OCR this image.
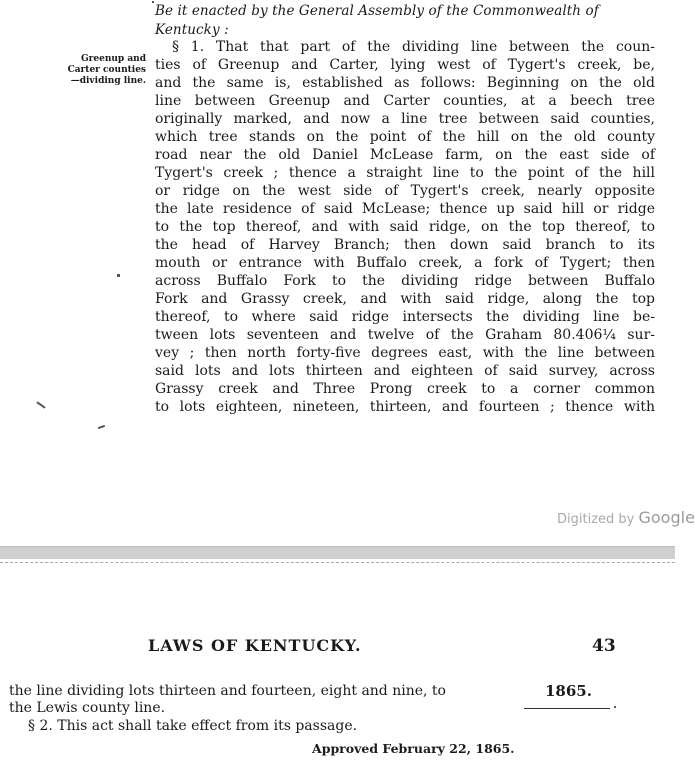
Be it enacted by the General Assembly of the Commonwealth of Kentucky :
Greenup and
Carter counties
—dividing line.
§ 1. That that part of the dividing line between the coun-
ties of Greenup and Carter, lying west of Tygert's creek, be,
and the same is, established as follows: Beginning on the old
line between Greenup and Carter counties, at a beech tree
originally marked, and now a line tree between said counties,
which tree stands on the point of the hill on the old county
road near the old Daniel McLease farm, on the east side of
Tygert's creek ; thence a straight line to the point of the hill
or ridge on the west side of Tygert's creek, nearly opposite
the late residence of said McLease; thence up said hill or ridge
to the top thereof, and with said ridge, on the top thereof, to
the head of Harvey Branch; then down said branch to its
mouth or entrance with Buffalo creek, a fork of Tygert; then
across Buffalo Fork to the dividing ridge between Buffalo
Fork and Grassy creek, and with said ridge, along the top
thereof, to where said ridge intersects the dividing line be-
tween lots seventeen and twelve of the Graham 80.406¼ sur-
vey ; then north forty-five degrees east, with the line between
said lots and lots thirteen and eighteen of said survey, across
Grassy creek and Three Prong creek to a corner common
to lots eighteen, nineteen, thirteen, and fourteen ; thence with
Digitized by Google
LAWS OF KENTUCKY.	43
the line dividing lots thirteen and fourteen, eight and nine, to
the Lewis county line.
§ 2. This act shall take effect from its passage.
1865.
Approved February 22, 1865.
